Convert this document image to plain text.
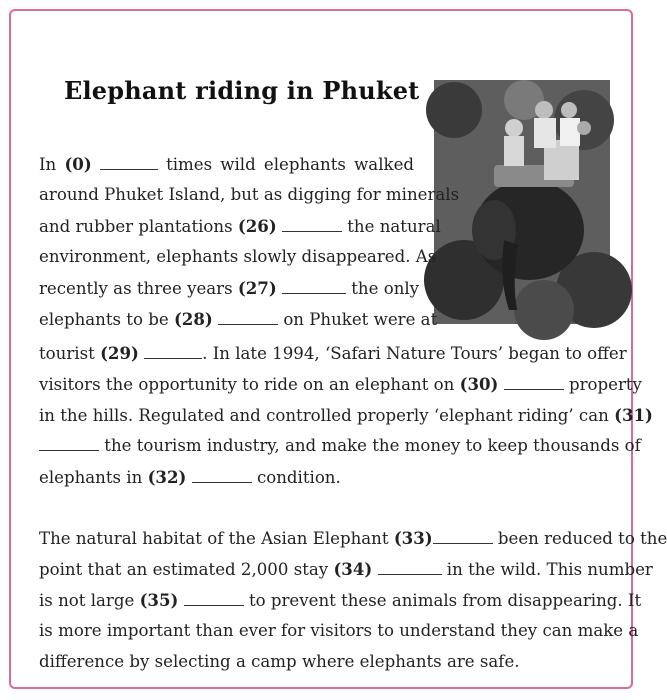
Elephant riding in Phuket
In (0)	times wild elephants walked
around Phuket Island, but as digging for minerals
and rubber plantations (26)	the natural
environment, elephants slowly disappeared. As
recently as three years (27)	the only
elephants to be (28)	on Phuket were at
tourist (29)	. In late 1994, ‘Safari Nature Tours’ began to offer
visitors the opportunity to ride on an elephant on (30)	property
in the hills. Regulated and controlled properly ‘elephant riding’ can (31)
the tourism industry, and make the money to keep thousands of
elephants in (32)	condition.
The natural habitat of the Asian Elephant (33)	been reduced to the
point that an estimated 2,000 stay (34)	in the wild. This number
is not large (35)	to prevent these animals from disappearing. It
is more important than ever for visitors to understand they can make a
difference by selecting a camp where elephants are safe.
